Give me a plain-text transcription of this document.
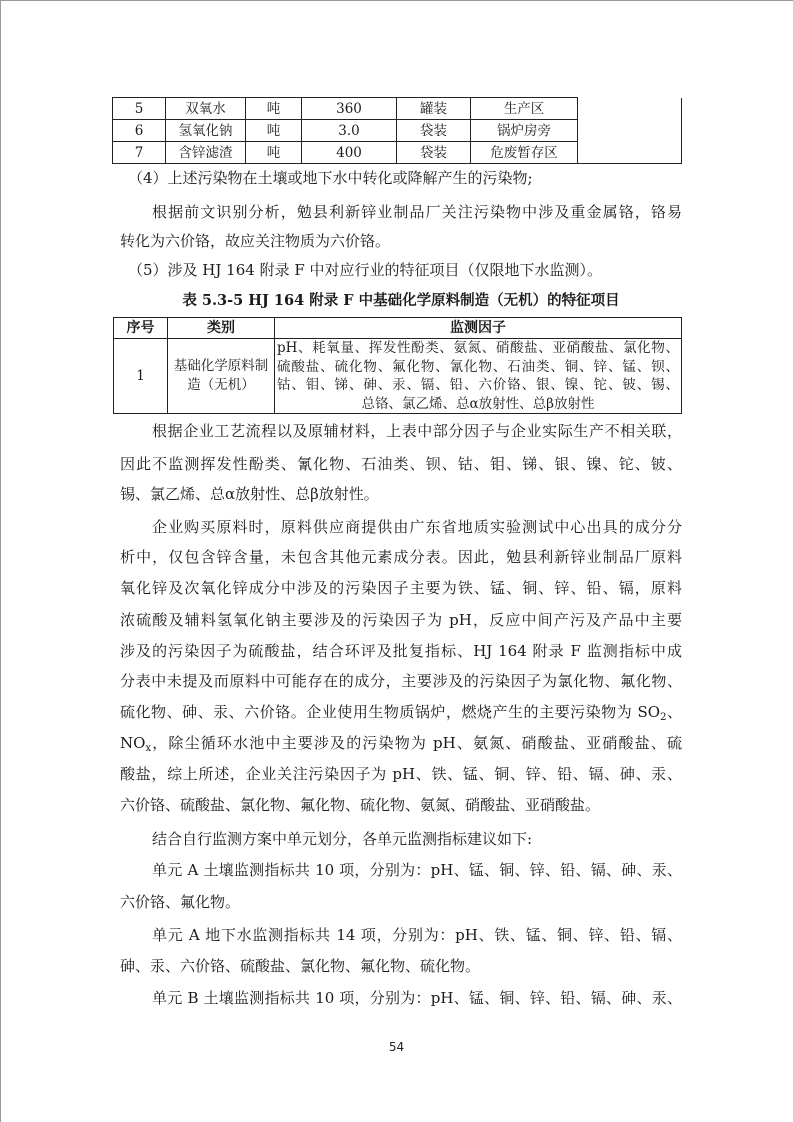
5	双氧水	吨	360	罐装	生产区	
6	氢氧化钠	吨	3.0	袋装	锅炉房旁	
7	含锌滤渣	吨	400	袋装	危废暂存区	
（4）上述污染物在土壤或地下水中转化或降解产生的污染物;
根据前文识别分析，勉县利新锌业制品厂关注污染物中涉及重金属铬，铬易
转化为六价铬，故应关注物质为六价铬。
（5）涉及 HJ 164 附录 F 中对应行业的特征项目（仅限地下水监测）。
表 5.3-5 HJ 164 附录 F 中基础化学原料制造（无机）的特征项目
序号	类别	监测因子
1	基础化学原料制造（无机）	pH、耗氧量、挥发性酚类、氨氮、硝酸盐、亚硝酸盐、氯化物、
硫酸盐、硫化物、氟化物、氰化物、石油类、铜、锌、锰、钡、
钴、钼、锑、砷、汞、镉、铅、六价铬、银、镍、铊、铍、锡、
总铬、氯乙烯、总α放射性、总β放射性
根据企业工艺流程以及原辅材料，上表中部分因子与企业实际生产不相关联，
因此不监测挥发性酚类、氰化物、石油类、钡、钴、钼、锑、银、镍、铊、铍、
锡、氯乙烯、总α放射性、总β放射性。
企业购买原料时，原料供应商提供由广东省地质实验测试中心出具的成分分
析中，仅包含锌含量，未包含其他元素成分表。因此，勉县利新锌业制品厂原料
氧化锌及次氧化锌成分中涉及的污染因子主要为铁、锰、铜、锌、铅、镉，原料
浓硫酸及辅料氢氧化钠主要涉及的污染因子为 pH，反应中间产污及产品中主要
涉及的污染因子为硫酸盐，结合环评及批复指标、HJ 164 附录 F 监测指标中成
分表中未提及而原料中可能存在的成分，主要涉及的污染因子为氯化物、氟化物、
硫化物、砷、汞、六价铬。企业使用生物质锅炉，燃烧产生的主要污染物为 $SO_2$、
$NO_x$，除尘循环水池中主要涉及的污染物为 pH、氨氮、硝酸盐、亚硝酸盐、硫
酸盐，综上所述，企业关注污染因子为 pH、铁、锰、铜、锌、铅、镉、砷、汞、
六价铬、硫酸盐、氯化物、氟化物、硫化物、氨氮、硝酸盐、亚硝酸盐。
结合自行监测方案中单元划分，各单元监测指标建议如下:
单元 A 土壤监测指标共 10 项，分别为：pH、锰、铜、锌、铅、镉、砷、汞、
六价铬、氟化物。
单元 A 地下水监测指标共 14 项，分别为：pH、铁、锰、铜、锌、铅、镉、
砷、汞、六价铬、硫酸盐、氯化物、氟化物、硫化物。
单元 B 土壤监测指标共 10 项，分别为：pH、锰、铜、锌、铅、镉、砷、汞、
54
